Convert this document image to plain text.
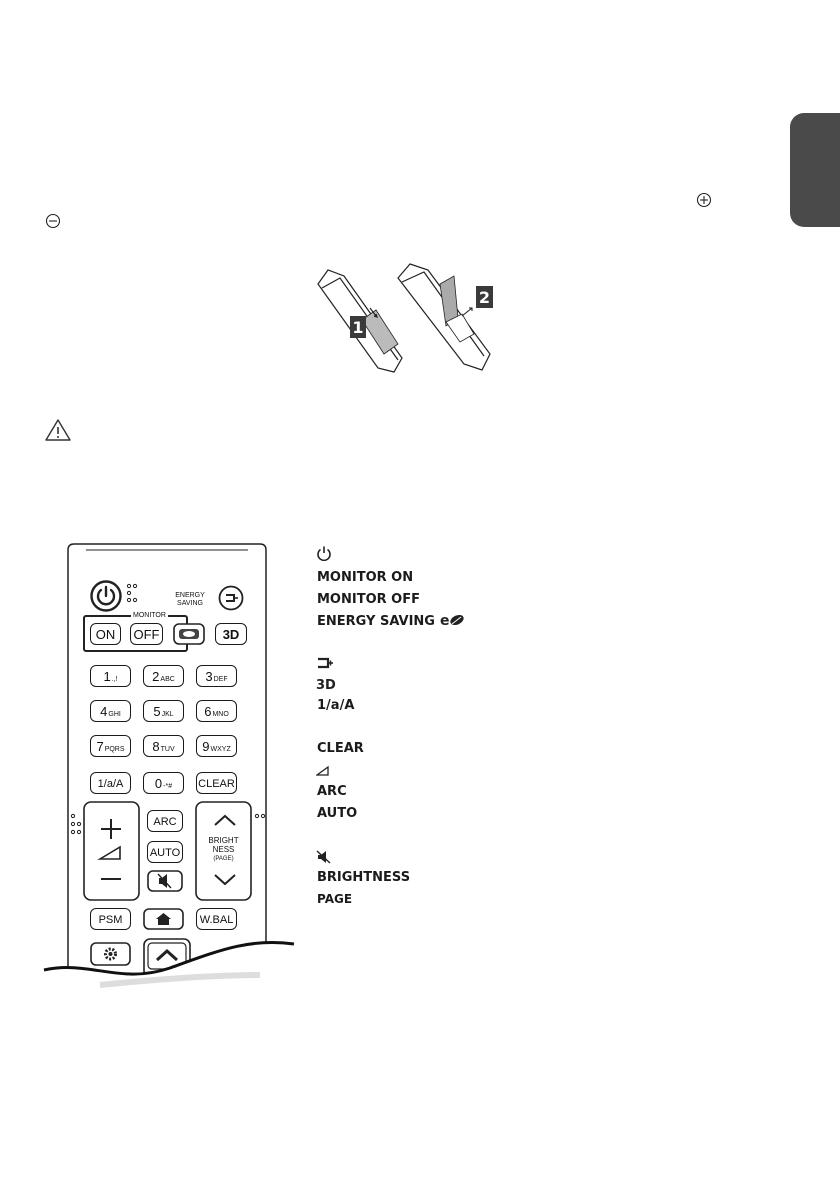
1
2
MONITOR
ENERGY
SAVING
ON	OFF	3D
1.,!	2ABC	3DEF
4GHI	5JKL	6MNO
7PQRS	8TUV	9WXYZ
1/a/A	0-*#	CLEAR
ARC
AUTO
BRIGHT
NESS
(PAGE)
PSM	W.BAL
MONITOR ON
MONITOR OFF
ENERGY SAVING e
3D
1/a/A
CLEAR
ARC
AUTO
BRIGHTNESS
PAGE
